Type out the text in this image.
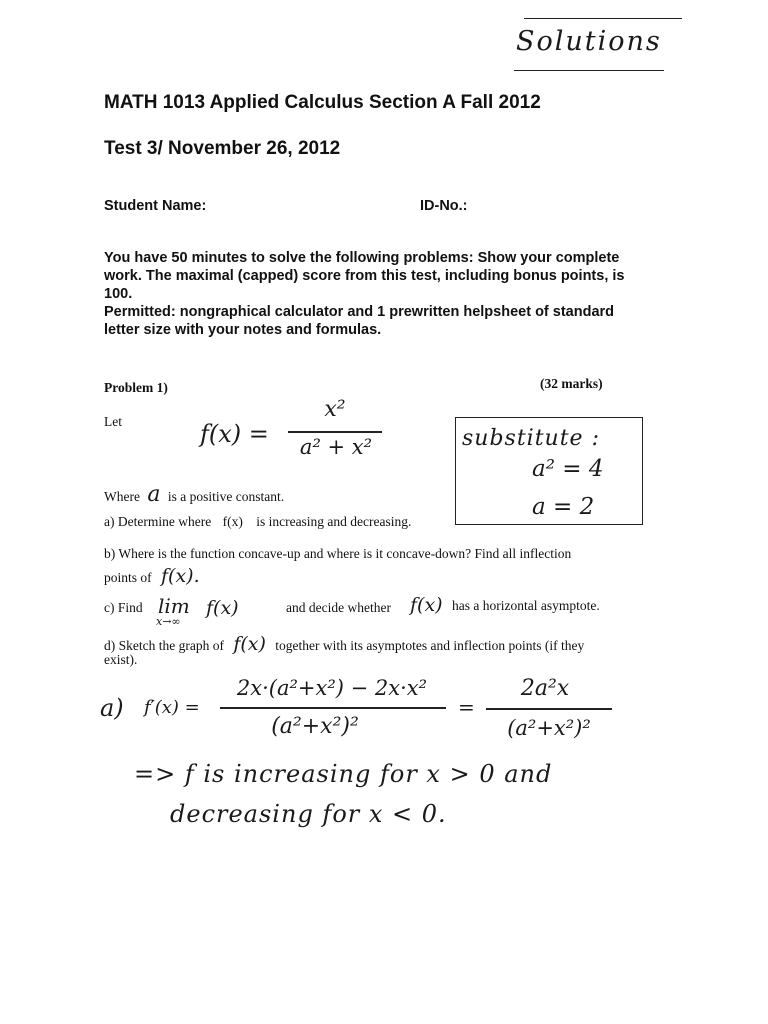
Solutions
MATH 1013 Applied Calculus Section A Fall 2012
Test 3/ November 26, 2012
Student Name:	ID-No.:
You have 50 minutes to solve the following problems: Show your complete work. The maximal (capped) score from this test, including bonus points, is 100.
Permitted: nongraphical calculator and 1 prewritten helpsheet of standard letter size with your notes and formulas.
Problem 1)	(32 marks)
Let	f(x) =
x²
a² + x²	substitute :
a² = 4
a = 2
Where a is a positive constant.
a) Determine where f(x) is increasing and decreasing.
b) Where is the function concave-up and where is it concave-down? Find all inflection
points of f(x).
c) Find lim
x→∞
f(x)	and decide whether f(x) has a horizontal asymptote.
d) Sketch the graph of f(x) together with its asymptotes and inflection points (if they
exist).
a) f′(x) =
2x·(a²+x²) − 2x·x²
(a²+x²)²
=
2a²x
(a²+x²)²
=> f is increasing for x > 0 and
decreasing for x < 0.
